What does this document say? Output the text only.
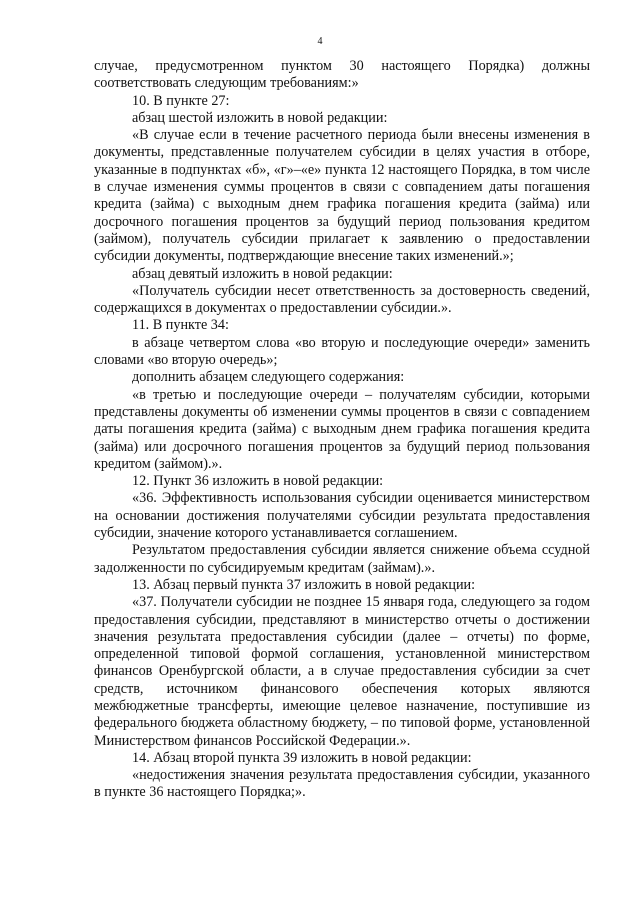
4

случае, предусмотренном пунктом 30 настоящего Порядка) должны соответствовать следующим требованиям:»

10. В пункте 27:

абзац шестой изложить в новой редакции:

«В случае если в течение расчетного периода были внесены изменения в документы, представленные получателем субсидии в целях участия в отборе, указанные в подпунктах «б», «г»–«е» пункта 12 настоящего Порядка, в том числе в случае изменения суммы процентов в связи с совпадением даты погашения кредита (займа) с выходным днем графика погашения кредита (займа) или досрочного погашения процентов за будущий период пользования кредитом (займом), получатель субсидии прилагает к заявлению о предоставлении субсидии документы, подтверждающие внесение таких изменений.»;

абзац девятый изложить в новой редакции:

«Получатель субсидии несет ответственность за достоверность сведений, содержащихся в документах о предоставлении субсидии.».

11. В пункте 34:

в абзаце четвертом слова «во вторую и последующие очереди» заменить словами «во вторую очередь»;

дополнить абзацем следующего содержания:

«в третью и последующие очереди – получателям субсидии, которыми представлены документы об изменении суммы процентов в связи с совпадением даты погашения кредита (займа) с выходным днем графика погашения кредита (займа) или досрочного погашения процентов за будущий период пользования кредитом (займом).».

12. Пункт 36 изложить в новой редакции:

«36. Эффективность использования субсидии оценивается министерством на основании достижения получателями субсидии результата предоставления субсидии, значение которого устанавливается соглашением.

Результатом предоставления субсидии является снижение объема ссудной задолженности по субсидируемым кредитам (займам).».

13. Абзац первый пункта 37 изложить в новой редакции:

«37. Получатели субсидии не позднее 15 января года, следующего за годом предоставления субсидии, представляют в министерство отчеты о достижении значения результата предоставления субсидии (далее – отчеты) по форме, определенной типовой формой соглашения, установленной министерством финансов Оренбургской области, а в случае предоставления субсидии за счет средств, источником финансового обеспечения которых являются межбюджетные трансферты, имеющие целевое назначение, поступившие из федерального бюджета областному бюджету, – по типовой форме, установленной Министерством финансов Российской Федерации.».

14. Абзац второй пункта 39 изложить в новой редакции:

«недостижения значения результата предоставления субсидии, указанного в пункте 36 настоящего Порядка;».
